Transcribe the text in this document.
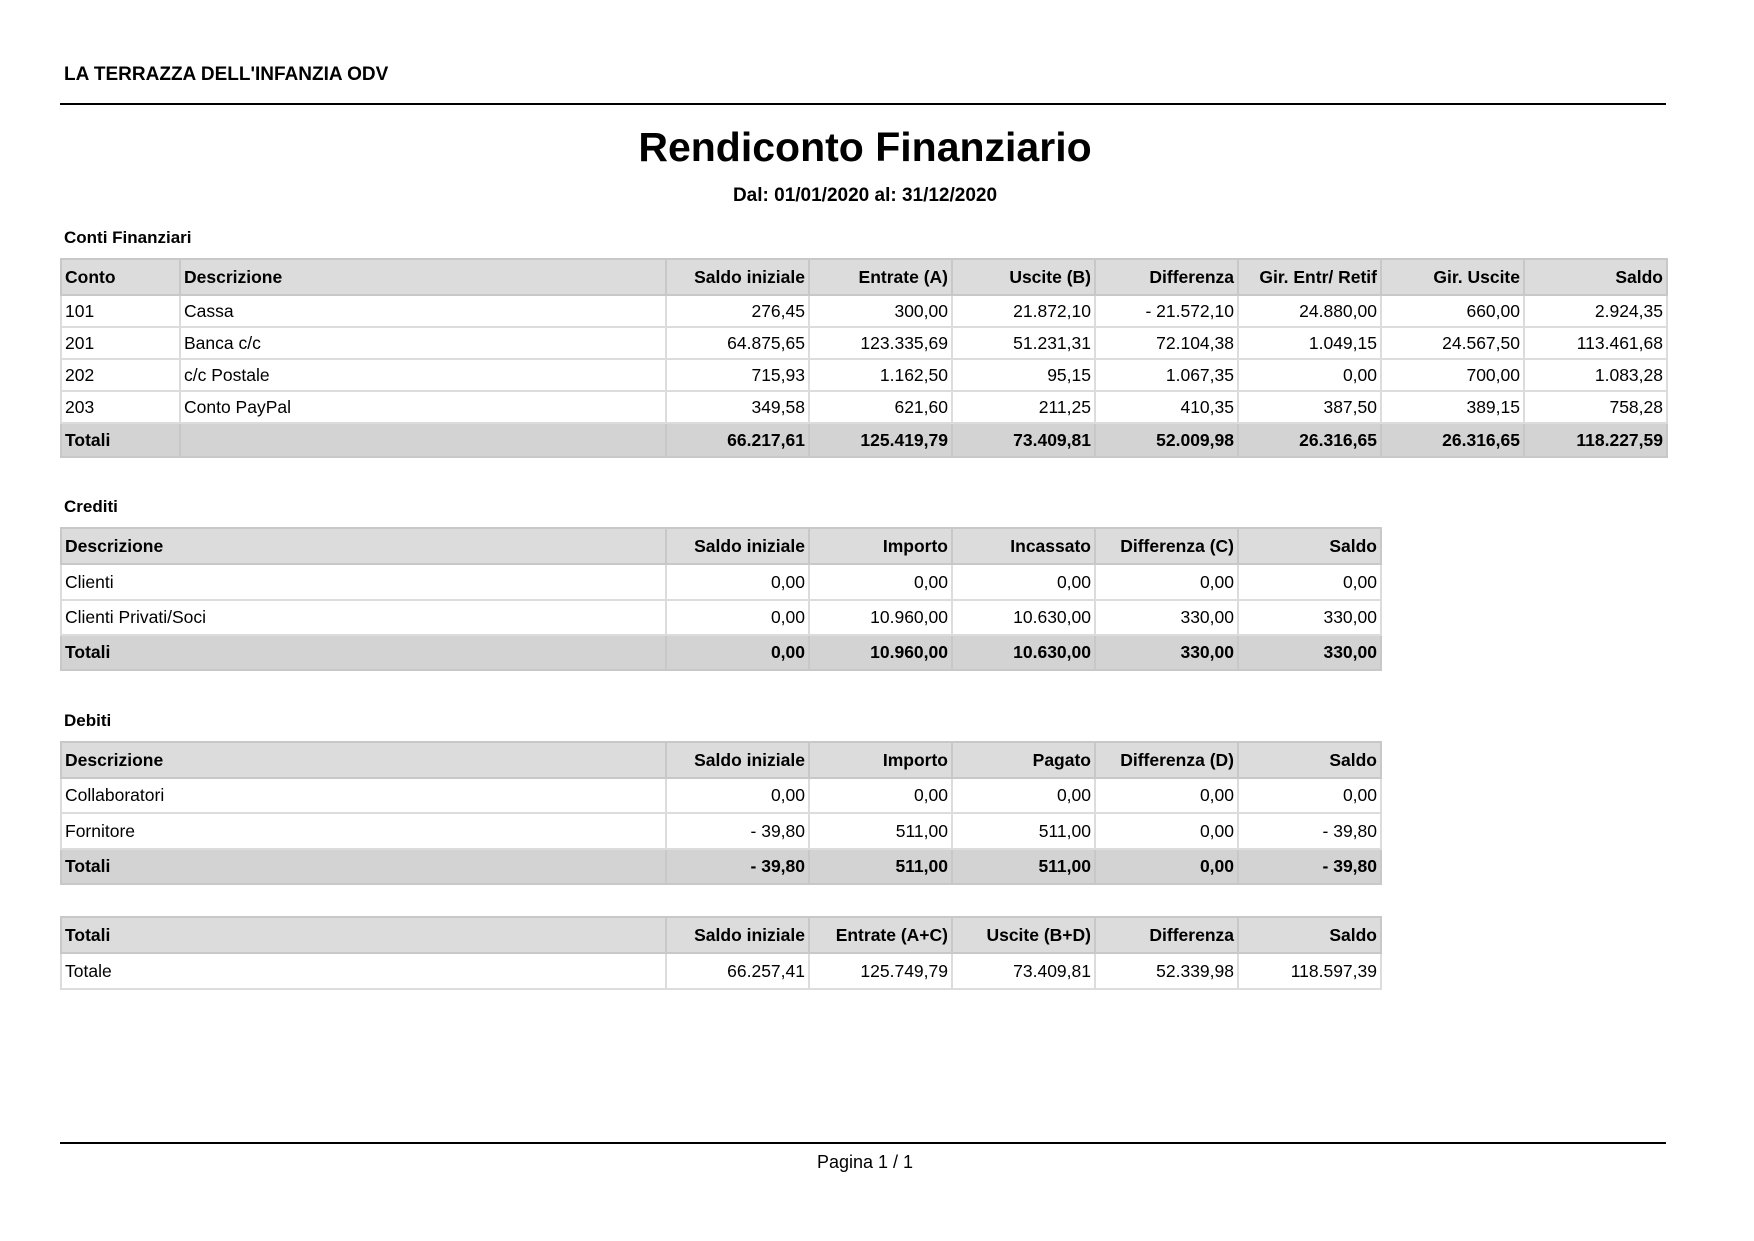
LA TERRAZZA DELL'INFANZIA ODV
Rendiconto Finanziario
Dal: 01/01/2020 al: 31/12/2020
Conti Finanziari
Conto	Descrizione	Saldo iniziale	Entrate (A)	Uscite (B)	Differenza	Gir. Entr/ Retif	Gir. Uscite	Saldo
101	Cassa	276,45	300,00	21.872,10	- 21.572,10	24.880,00	660,00	2.924,35
201	Banca c/c	64.875,65	123.335,69	51.231,31	72.104,38	1.049,15	24.567,50	113.461,68
202	c/c Postale	715,93	1.162,50	95,15	1.067,35	0,00	700,00	1.083,28
203	Conto PayPal	349,58	621,60	211,25	410,35	387,50	389,15	758,28
Totali		66.217,61	125.419,79	73.409,81	52.009,98	26.316,65	26.316,65	118.227,59
Crediti
Descrizione	Saldo iniziale	Importo	Incassato	Differenza (C)	Saldo
Clienti	0,00	0,00	0,00	0,00	0,00
Clienti Privati/Soci	0,00	10.960,00	10.630,00	330,00	330,00
Totali	0,00	10.960,00	10.630,00	330,00	330,00
Debiti
Descrizione	Saldo iniziale	Importo	Pagato	Differenza (D)	Saldo
Collaboratori	0,00	0,00	0,00	0,00	0,00
Fornitore	- 39,80	511,00	511,00	0,00	- 39,80
Totali	- 39,80	511,00	511,00	0,00	- 39,80
Totali	Saldo iniziale	Entrate (A+C)	Uscite (B+D)	Differenza	Saldo
Totale	66.257,41	125.749,79	73.409,81	52.339,98	118.597,39
Pagina 1 / 1
